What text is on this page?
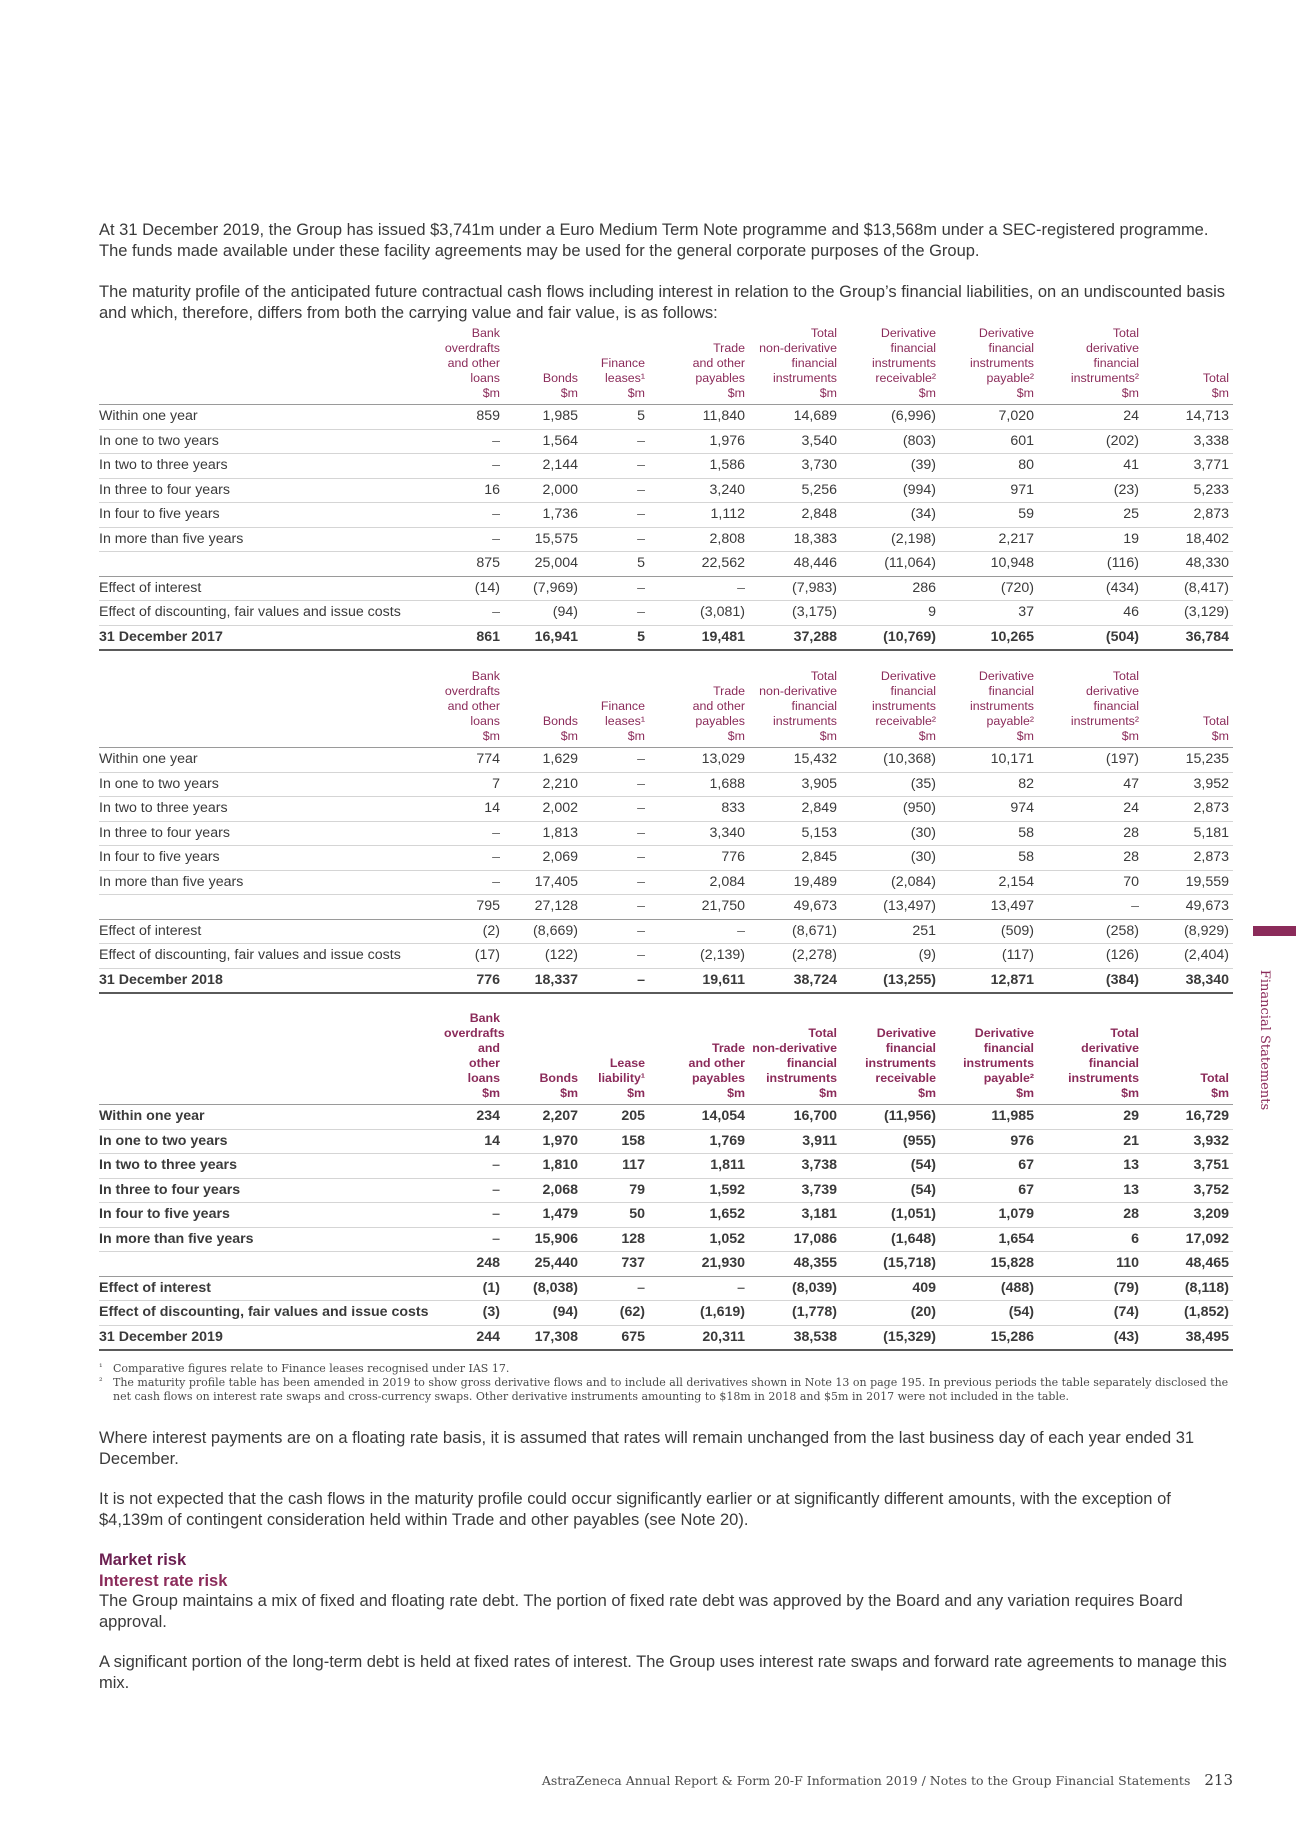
At 31 December 2019, the Group has issued $3,741m under a Euro Medium Term Note programme and $13,568m under a SEC-registered programme. The funds made available under these facility agreements may be used for the general corporate purposes of the Group.

The maturity profile of the anticipated future contractual cash flows including interest in relation to the Group’s financial liabilities, on an undiscounted basis and which, therefore, differs from both the carrying value and fair value, is as follows:

	Bank
overdrafts
and other
loans
$m	Bonds
$m	Finance
leases¹
$m	Trade
and other
payables
$m	Total
non-derivative
financial
instruments
$m	Derivative
financial
instruments
receivable²
$m	Derivative
financial
instruments
payable²
$m	Total
derivative
financial
instruments²
$m	Total
$m
Within one year	859	1,985	5	11,840	14,689	(6,996)	7,020	24	14,713
In one to two years	–	1,564	–	1,976	3,540	(803)	601	(202)	3,338
In two to three years	–	2,144	–	1,586	3,730	(39)	80	41	3,771
In three to four years	16	2,000	–	3,240	5,256	(994)	971	(23)	5,233
In four to five years	–	1,736	–	1,112	2,848	(34)	59	25	2,873
In more than five years	–	15,575	–	2,808	18,383	(2,198)	2,217	19	18,402
	875	25,004	5	22,562	48,446	(11,064)	10,948	(116)	48,330
Effect of interest	(14)	(7,969)	–	–	(7,983)	286	(720)	(434)	(8,417)
Effect of discounting, fair values and issue costs	–	(94)	–	(3,081)	(3,175)	9	37	46	(3,129)
31 December 2017	861	16,941	5	19,481	37,288	(10,769)	10,265	(504)	36,784
	Bank
overdrafts
and other
loans
$m	Bonds
$m	Finance
leases¹
$m	Trade
and other
payables
$m	Total
non-derivative
financial
instruments
$m	Derivative
financial
instruments
receivable²
$m	Derivative
financial
instruments
payable²
$m	Total
derivative
financial
instruments²
$m	Total
$m
Within one year	774	1,629	–	13,029	15,432	(10,368)	10,171	(197)	15,235
In one to two years	7	2,210	–	1,688	3,905	(35)	82	47	3,952
In two to three years	14	2,002	–	833	2,849	(950)	974	24	2,873
In three to four years	–	1,813	–	3,340	5,153	(30)	58	28	5,181
In four to five years	–	2,069	–	776	2,845	(30)	58	28	2,873
In more than five years	–	17,405	–	2,084	19,489	(2,084)	2,154	70	19,559
	795	27,128	–	21,750	49,673	(13,497)	13,497	–	49,673
Effect of interest	(2)	(8,669)	–	–	(8,671)	251	(509)	(258)	(8,929)
Effect of discounting, fair values and issue costs	(17)	(122)	–	(2,139)	(2,278)	(9)	(117)	(126)	(2,404)
31 December 2018	776	18,337	–	19,611	38,724	(13,255)	12,871	(384)	38,340
	Bank
overdrafts
and other
loans
$m	Bonds
$m	Lease
liability¹
$m	Trade
and other
payables
$m	Total
non-derivative
financial
instruments
$m	Derivative
financial
instruments
receivable
$m	Derivative
financial
instruments
payable²
$m	Total
derivative
financial
instruments
$m	Total
$m
Within one year	234	2,207	205	14,054	16,700	(11,956)	11,985	29	16,729
In one to two years	14	1,970	158	1,769	3,911	(955)	976	21	3,932
In two to three years	–	1,810	117	1,811	3,738	(54)	67	13	3,751
In three to four years	–	2,068	79	1,592	3,739	(54)	67	13	3,752
In four to five years	–	1,479	50	1,652	3,181	(1,051)	1,079	28	3,209
In more than five years	–	15,906	128	1,052	17,086	(1,648)	1,654	6	17,092
	248	25,440	737	21,930	48,355	(15,718)	15,828	110	48,465
Effect of interest	(1)	(8,038)	–	–	(8,039)	409	(488)	(79)	(8,118)
Effect of discounting, fair values and issue costs	(3)	(94)	(62)	(1,619)	(1,778)	(20)	(54)	(74)	(1,852)
31 December 2019	244	17,308	675	20,311	38,538	(15,329)	15,286	(43)	38,495
¹ Comparative figures relate to Finance leases recognised under IAS 17.
² The maturity profile table has been amended in 2019 to show gross derivative flows and to include all derivatives shown in Note 13 on page 195. In previous periods the table separately disclosed the net cash flows on interest rate swaps and cross-currency swaps. Other derivative instruments amounting to $18m in 2018 and $5m in 2017 were not included in the table.

Where interest payments are on a floating rate basis, it is assumed that rates will remain unchanged from the last business day of each year ended 31 December.

It is not expected that the cash flows in the maturity profile could occur significantly earlier or at significantly different amounts, with the exception of $4,139m of contingent consideration held within Trade and other payables (see Note 20).

Market risk
Interest rate risk

The Group maintains a mix of fixed and floating rate debt. The portion of fixed rate debt was approved by the Board and any variation requires Board approval.

A significant portion of the long-term debt is held at fixed rates of interest. The Group uses interest rate swaps and forward rate agreements to manage this mix.

Financial Statements
AstraZeneca Annual Report & Form 20-F Information 2019 / Notes to the Group Financial Statements 213
